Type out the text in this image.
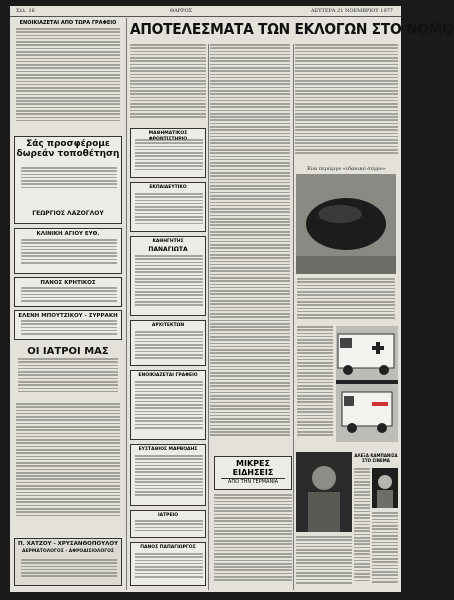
Σελ. 16	ΘΑΡΡΟΣ	ΔΕΥΤΕΡΑ 21 ΝΟΕΜΒΡΙΟΥ 1977
ΑΠΟΤΕΛΕΣΜΑΤΑ ΤΩΝ ΕΚΛΟΓΩΝ ΣΤΟ ΝΟΜΟ
ΕΝΟΙΚΙΑΖΕΤΑΙ ΑΠΟ ΤΩΡΑ ΓΡΑΦΕΙΟ
Σάς προσφέρομε δωρεάν τοποθέτηση
ΓΕΩΡΓΙΟΣ ΛΑΖΟΓΛΟΥ
ΚΛΙΝΙΚΗ ΑΓΙΟΥ ΕΥΘ.
ΠΑΝΟΣ ΚΡΗΤΙΚΟΣ
ΕΛΕΝΗ ΜΠΟΥΤΖΙΚΟΥ - ΣΥΡΡΑΚΗ
ΟΙ ΙΑΤΡΟΙ ΜΑΣ
Π. ΧΑΤΖΟΥ - ΧΡΥΣΑΝΘΟΠΟΥΛΟΥ
ΔΕΡΜΑΤΟΛΟΓΟΣ - ΑΦΡΟΔΙΣΙΟΛΟΓΟΣ
ΜΑΘΗΜΑΤΙΚΟΣ
ΕΚΠΑΙΔΕΥΤΙΚΟ
ΚΑΘΗΓΗΤΗΣ
ΠΑΝΑΓΙΩΤΑ
ΑΡΧΙΤΕΚΤΩΝ
ΕΝΟΙΚΙΑΖΕΤΑΙ ΓΡΑΦΕΙΟ
ΕΥΣΤΑΘΙΟΣ ΜΑΡΒΟΔΗΣ
ΙΑΤΡΕΙΟ
ΠΑΝΟΣ ΠΑΠΑΓΙΩΡΓΟΣ
Ένα περίεργο «ιδανικό σόγρο»
ΜΙΚΡΕΣ
ΕΙΔΗΣΕΙΣ
ΑΠΟ ΤΗΝ ΓΕΡΜΑΝΙΑ
ΑΛΕΞΑ ΚΑΜΠΑΝΙΣΑ ΣΤΟ ΣΙΝΕΜΑ
